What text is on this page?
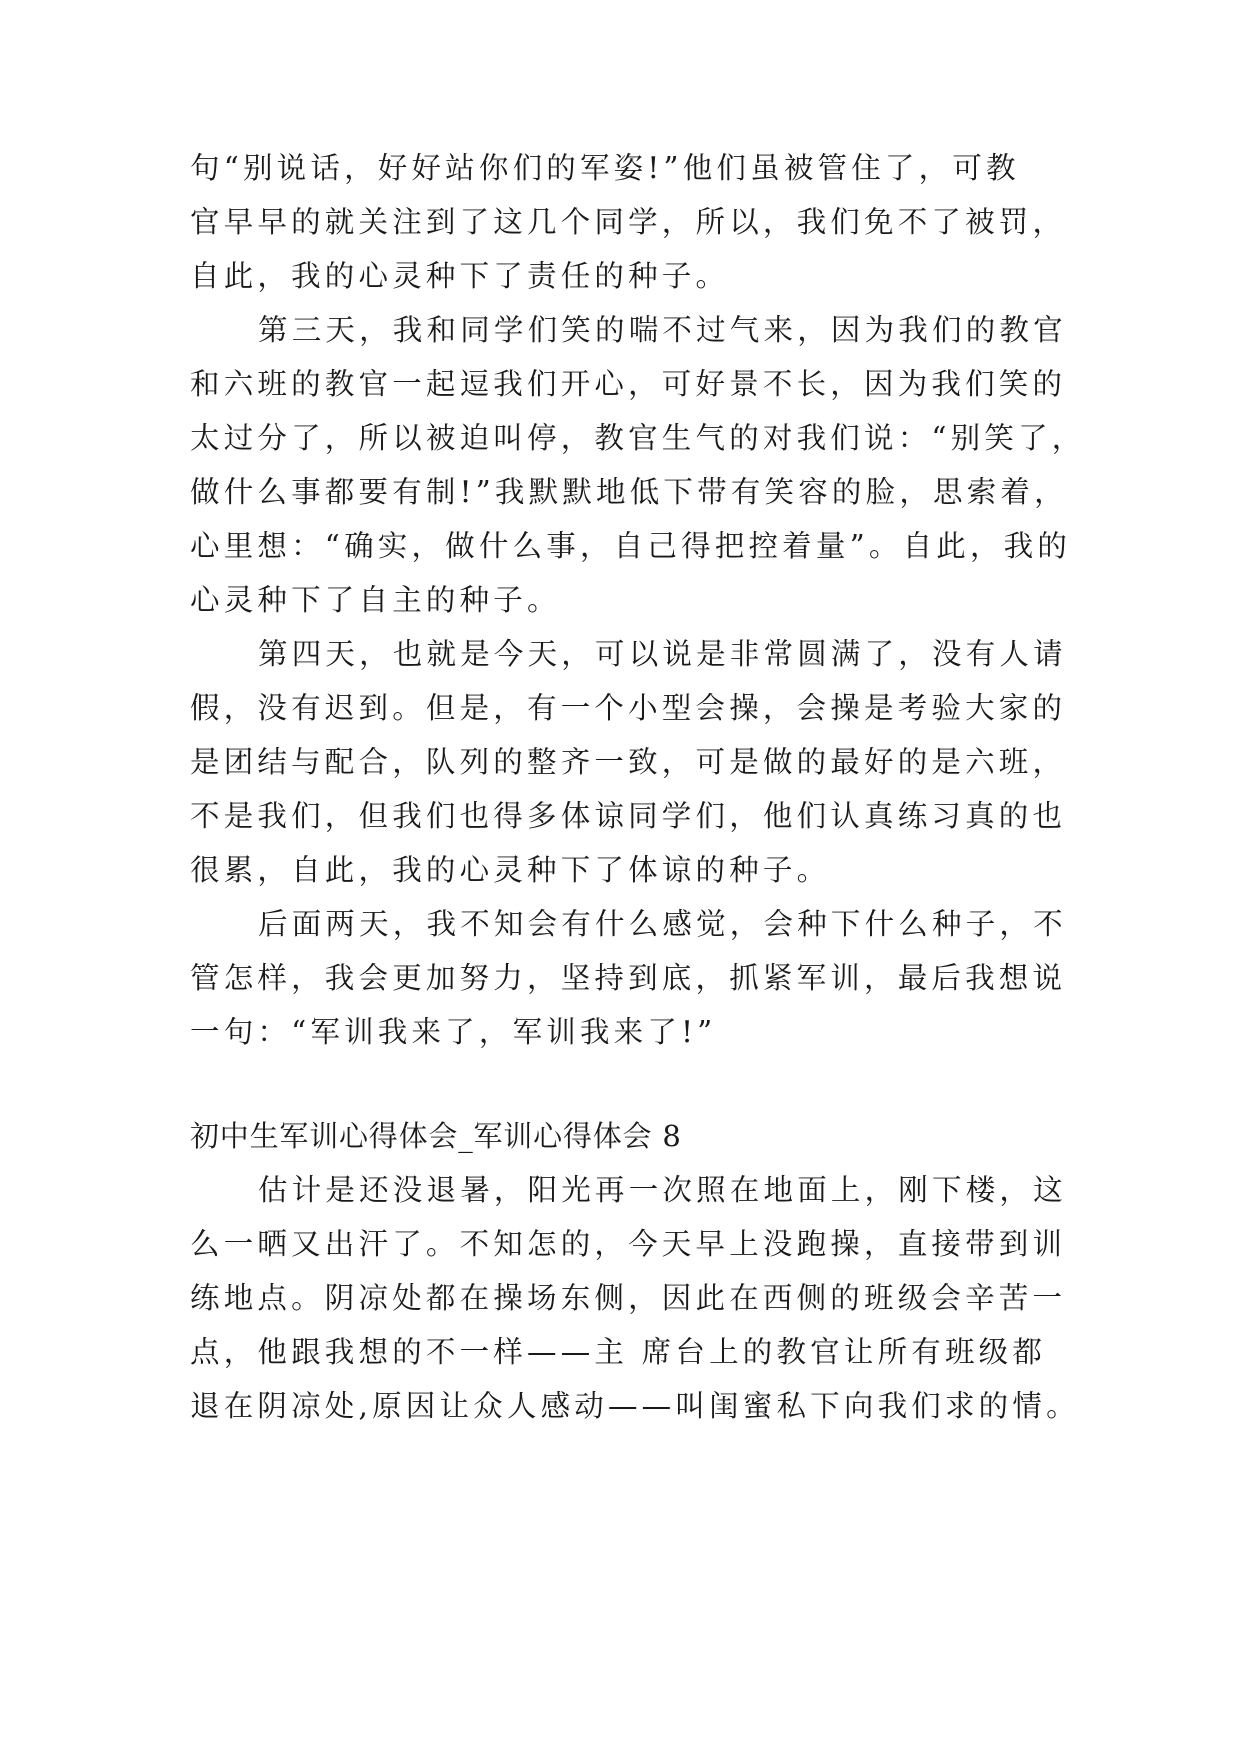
句“别说话，好好站你们的军姿!”他们虽被管住了，可教
官早早的就关注到了这几个同学，所以，我们免不了被罚，
自此，我的心灵种下了责任的种子。
第三天，我和同学们笑的喘不过气来，因为我们的教官
和六班的教官一起逗我们开心，可好景不长，因为我们笑的
太过分了，所以被迫叫停，教官生气的对我们说：“别笑了，
做什么事都要有制!”我默默地低下带有笑容的脸，思索着，
心里想：“确实，做什么事，自己得把控着量”。自此，我的
心灵种下了自主的种子。
第四天，也就是今天，可以说是非常圆满了，没有人请
假，没有迟到。但是，有一个小型会操，会操是考验大家的
是团结与配合，队列的整齐一致，可是做的最好的是六班，
不是我们，但我们也得多体谅同学们，他们认真练习真的也
很累，自此，我的心灵种下了体谅的种子。
后面两天，我不知会有什么感觉，会种下什么种子，不
管怎样，我会更加努力，坚持到底，抓紧军训，最后我想说
一句：“军训我来了，军训我来了!”
初中生军训心得体会_军训心得体会 8
估计是还没退暑，阳光再一次照在地面上，刚下楼，这
么一晒又出汗了。不知怎的，今天早上没跑操，直接带到训
练地点。阴凉处都在操场东侧，因此在西侧的班级会辛苦一
点，他跟我想的不一样——主 席台上的教官让所有班级都
退在阴凉处,原因让众人感动——叫闺蜜私下向我们求的情。
